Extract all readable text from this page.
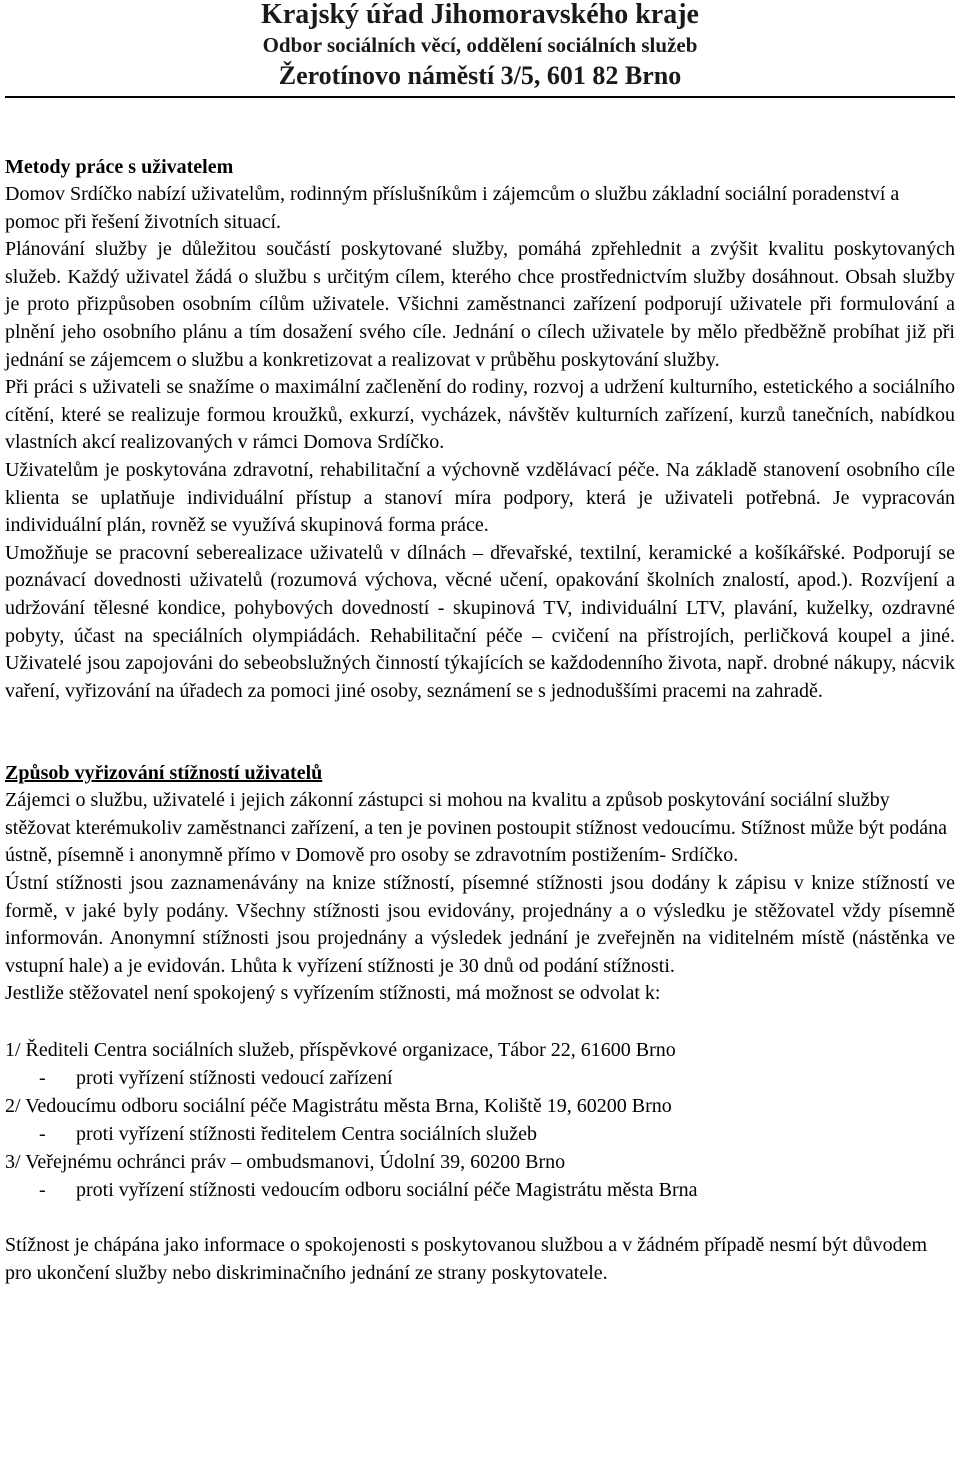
Krajský úřad Jihomoravského kraje
Odbor sociálních věcí, oddělení sociálních služeb
Žerotínovo náměstí 3/5, 601 82 Brno
Metody práce s uživatelem

Domov Srdíčko nabízí uživatelům, rodinným příslušníkům i zájemcům o službu základní sociální poradenství a pomoc při řešení životních situací.

Plánování služby je důležitou součástí poskytované služby, pomáhá zpřehlednit a zvýšit kvalitu poskytovaných služeb. Každý uživatel žádá o službu s určitým cílem, kterého chce prostřednictvím služby dosáhnout. Obsah služby je proto přizpůsoben osobním cílům uživatele. Všichni zaměstnanci zařízení podporují uživatele při formulování a plnění jeho osobního plánu a tím dosažení svého cíle. Jednání o cílech uživatele by mělo předběžně probíhat již při jednání se zájemcem o službu a konkretizovat a realizovat v průběhu poskytování služby.

Při práci s uživateli se snažíme o maximální začlenění do rodiny, rozvoj a udržení kulturního, estetického a sociálního cítění, které se realizuje formou kroužků, exkurzí, vycházek, návštěv kulturních zařízení, kurzů tanečních, nabídkou vlastních akcí realizovaných v rámci Domova Srdíčko.

Uživatelům je poskytována zdravotní, rehabilitační a výchovně vzdělávací péče. Na základě stanovení osobního cíle klienta se uplatňuje individuální přístup a stanoví míra podpory, která je uživateli potřebná. Je vypracován individuální plán, rovněž se využívá skupinová forma práce.

Umožňuje se pracovní seberealizace uživatelů v dílnách – dřevařské, textilní, keramické a košíkářské. Podporují se poznávací dovednosti uživatelů (rozumová výchova, věcné učení, opakování školních znalostí, apod.). Rozvíjení a udržování tělesné kondice, pohybových dovedností - skupinová TV, individuální LTV, plavání, kuželky, ozdravné pobyty, účast na speciálních olympiádách. Rehabilitační péče – cvičení na přístrojích, perličková koupel a jiné. Uživatelé jsou zapojováni do sebeobslužných činností týkajících se každodenního života, např. drobné nákupy, nácvik vaření, vyřizování na úřadech za pomoci jiné osoby, seznámení se s jednoduššími pracemi na zahradě.

Způsob vyřizování stížností uživatelů

Zájemci o službu, uživatelé i jejich zákonní zástupci si mohou na kvalitu a způsob poskytování sociální služby stěžovat kterémukoliv zaměstnanci zařízení, a ten je povinen postoupit stížnost vedoucímu. Stížnost může být podána ústně, písemně i anonymně přímo v Domově pro osoby se zdravotním postižením- Srdíčko.

Ústní stížnosti jsou zaznamenávány na knize stížností, písemné stížnosti jsou dodány k zápisu v knize stížností ve formě, v jaké byly podány. Všechny stížnosti jsou evidovány, projednány a o výsledku je stěžovatel vždy písemně informován. Anonymní stížnosti jsou projednány a výsledek jednání je zveřejněn na viditelném místě (nástěnka ve vstupní hale) a je evidován. Lhůta k vyřízení stížnosti je 30 dnů od podání stížnosti.

Jestliže stěžovatel není spokojený s vyřízením stížnosti, má možnost se odvolat k:

1/ Řediteli Centra sociálních služeb, příspěvkové organizace, Tábor 22, 61600 Brno
- proti vyřízení stížnosti vedoucí zařízení
2/ Vedoucímu odboru sociální péče Magistrátu města Brna, Koliště 19, 60200 Brno
- proti vyřízení stížnosti ředitelem Centra sociálních služeb
3/ Veřejnému ochránci práv – ombudsmanovi, Údolní 39, 60200 Brno
- proti vyřízení stížnosti vedoucím odboru sociální péče Magistrátu města Brna

Stížnost je chápána jako informace o spokojenosti s poskytovanou službou a v žádném případě nesmí být důvodem pro ukončení služby nebo diskriminačního jednání ze strany poskytovatele.
